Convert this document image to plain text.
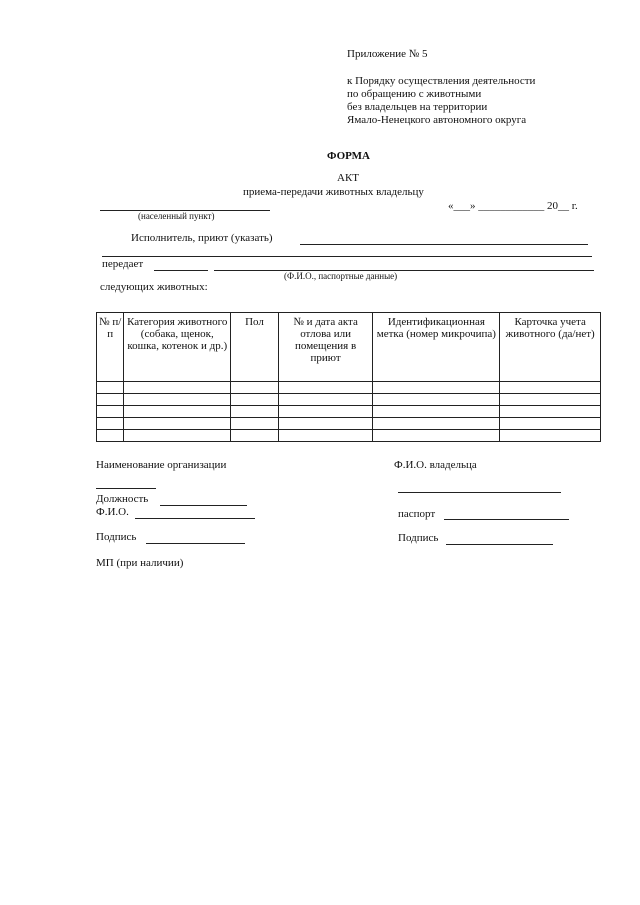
Приложение № 5
к Порядку осуществления деятельности
по обращению с животными
без владельцев на территории
Ямало-Ненецкого автономного округа
ФОРМА
АКТ
приема-передачи животных владельцу
(населенный пункт)
«___» ____________ 20__ г.
Исполнитель, приют (указать)
передает
(Ф.И.О., паспортные данные)
следующих животных:
№ п/п	Категория животного (собака, щенок, кошка, котенок и др.)	Пол	№ и дата акта отлова или помещения в приют	Идентификационная метка (номер микрочипа)	Карточка учета животного (да/нет)

Наименование организации	Ф.И.О. владельца
Должность
Ф.И.О.	паспорт
Подпись	Подпись
МП (при наличии)
